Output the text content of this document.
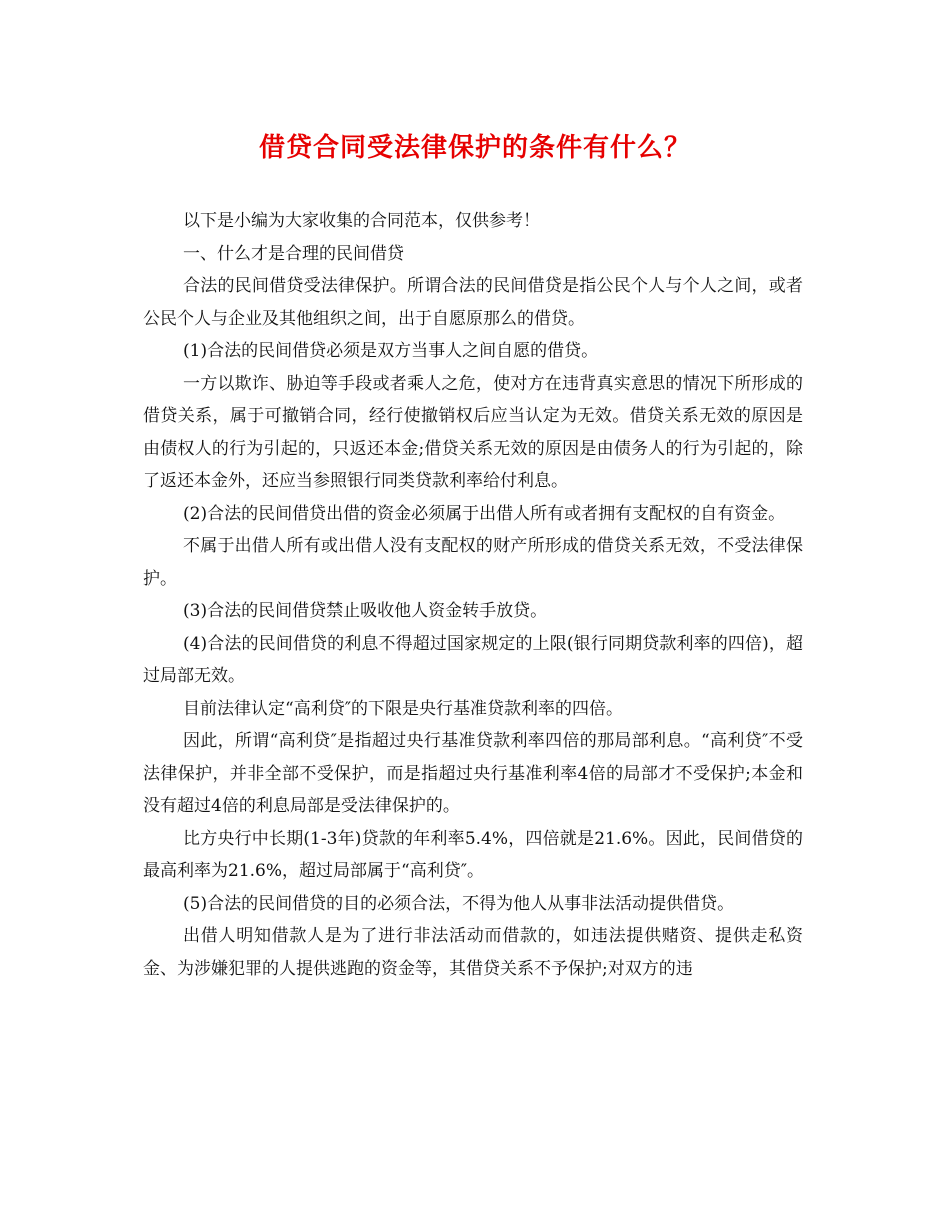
借贷合同受法律保护的条件有什么？

以下是小编为大家收集的合同范本，仅供参考！

一、什么才是合理的民间借贷

合法的民间借贷受法律保护。所谓合法的民间借贷是指公民个人与个人之间，或者公民个人与企业及其他组织之间，出于自愿原那么的借贷。

(1)合法的民间借贷必须是双方当事人之间自愿的借贷。

一方以欺诈、胁迫等手段或者乘人之危，使对方在违背真实意思的情况下所形成的借贷关系，属于可撤销合同，经行使撤销权后应当认定为无效。借贷关系无效的原因是由债权人的行为引起的，只返还本金;借贷关系无效的原因是由债务人的行为引起的，除了返还本金外，还应当参照银行同类贷款利率给付利息。

(2)合法的民间借贷出借的资金必须属于出借人所有或者拥有支配权的自有资金。

不属于出借人所有或出借人没有支配权的财产所形成的借贷关系无效，不受法律保护。

(3)合法的民间借贷禁止吸收他人资金转手放贷。

(4)合法的民间借贷的利息不得超过国家规定的上限(银行同期贷款利率的四倍)，超过局部无效。

目前法律认定“高利贷″的下限是央行基准贷款利率的四倍。

因此，所谓“高利贷″是指超过央行基准贷款利率四倍的那局部利息。“高利贷″不受法律保护，并非全部不受保护，而是指超过央行基准利率4倍的局部才不受保护;本金和没有超过4倍的利息局部是受法律保护的。

比方央行中长期(1-3年)贷款的年利率5.4%，四倍就是21.6%。因此，民间借贷的最高利率为21.6%，超过局部属于“高利贷″。

(5)合法的民间借贷的目的必须合法，不得为他人从事非法活动提供借贷。

出借人明知借款人是为了进行非法活动而借款的，如违法提供赌资、提供走私资金、为涉嫌犯罪的人提供逃跑的资金等，其借贷关系不予保护;对双方的违
